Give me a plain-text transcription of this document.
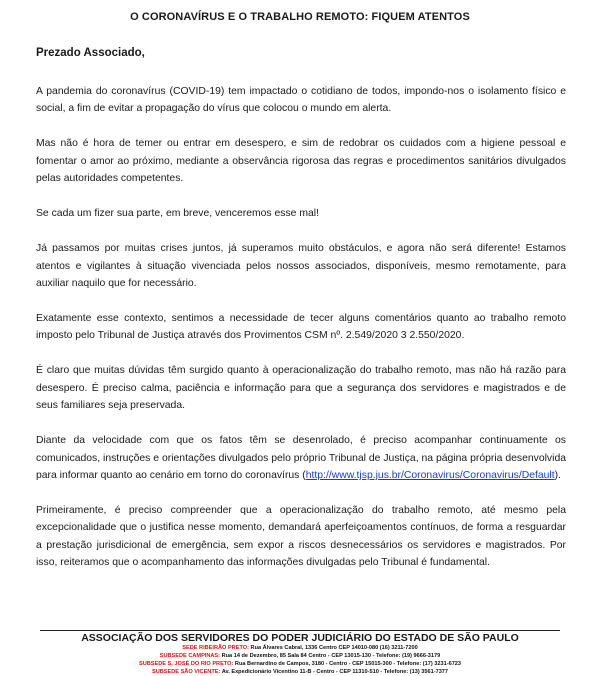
O CORONAVÍRUS E O TRABALHO REMOTO: FIQUEM ATENTOS
Prezado Associado,

A pandemia do coronavírus (COVID-19) tem impactado o cotidiano de todos, impondo-nos o isolamento físico e social, a fim de evitar a propagação do vírus que colocou o mundo em alerta.

Mas não é hora de temer ou entrar em desespero, e sim de redobrar os cuidados com a higiene pessoal e fomentar o amor ao próximo, mediante a observância rigorosa das regras e procedimentos sanitários divulgados pelas autoridades competentes.

Se cada um fizer sua parte, em breve, venceremos esse mal!

Já passamos por muitas crises juntos, já superamos muito obstáculos, e agora não será diferente! Estamos atentos e vigilantes à situação vivenciada pelos nossos associados, disponíveis, mesmo remotamente, para auxiliar naquilo que for necessário.

Exatamente esse contexto, sentimos a necessidade de tecer alguns comentários quanto ao trabalho remoto imposto pelo Tribunal de Justiça através dos Provimentos CSM nº. 2.549/2020 3 2.550/2020.

É claro que muitas dúvidas têm surgido quanto à operacionalização do trabalho remoto, mas não há razão para desespero. É preciso calma, paciência e informação para que a segurança dos servidores e magistrados e de seus familiares seja preservada.

Diante da velocidade com que os fatos têm se desenrolado, é preciso acompanhar continuamente os comunicados, instruções e orientações divulgados pelo próprio Tribunal de Justiça, na página própria desenvolvida para informar quanto ao cenário em torno do coronavírus (http://www.tjsp.jus.br/Coronavirus/Coronavirus/Default).

Primeiramente, é preciso compreender que a operacionalização do trabalho remoto, até mesmo pela excepcionalidade que o justifica nesse momento, demandará aperfeiçoamentos contínuos, de forma a resguardar a prestação jurisdicional de emergência, sem expor a riscos desnecessários os servidores e magistrados. Por isso, reiteramos que o acompanhamento das informações divulgadas pelo Tribunal é fundamental.

ASSOCIAÇÃO DOS SERVIDORES DO PODER JUDICIÁRIO DO ESTADO DE SÃO PAULO
SEDE RIBEIRÃO PRETO: Rua Álvares Cabral, 1336 Centro CEP 14010-080 (16) 3211-7200
SUBSEDE CAMPINAS: Rua 14 de Dezembro, 85 Sala 84 Centro - CEP 13015-130 - Telefone: (19) 9666-3179
SUBSEDE S. JOSÉ DO RIO PRETO: Rua Bernardino de Campos, 3180 - Centro - CEP 15015-300 - Telefone: (17) 3231-6723
SUBSEDE SÃO VICENTE: Av. Expedicionário Vicentino 11-B - Centro - CEP 11310-510 - Telefone: (13) 3561-7377
